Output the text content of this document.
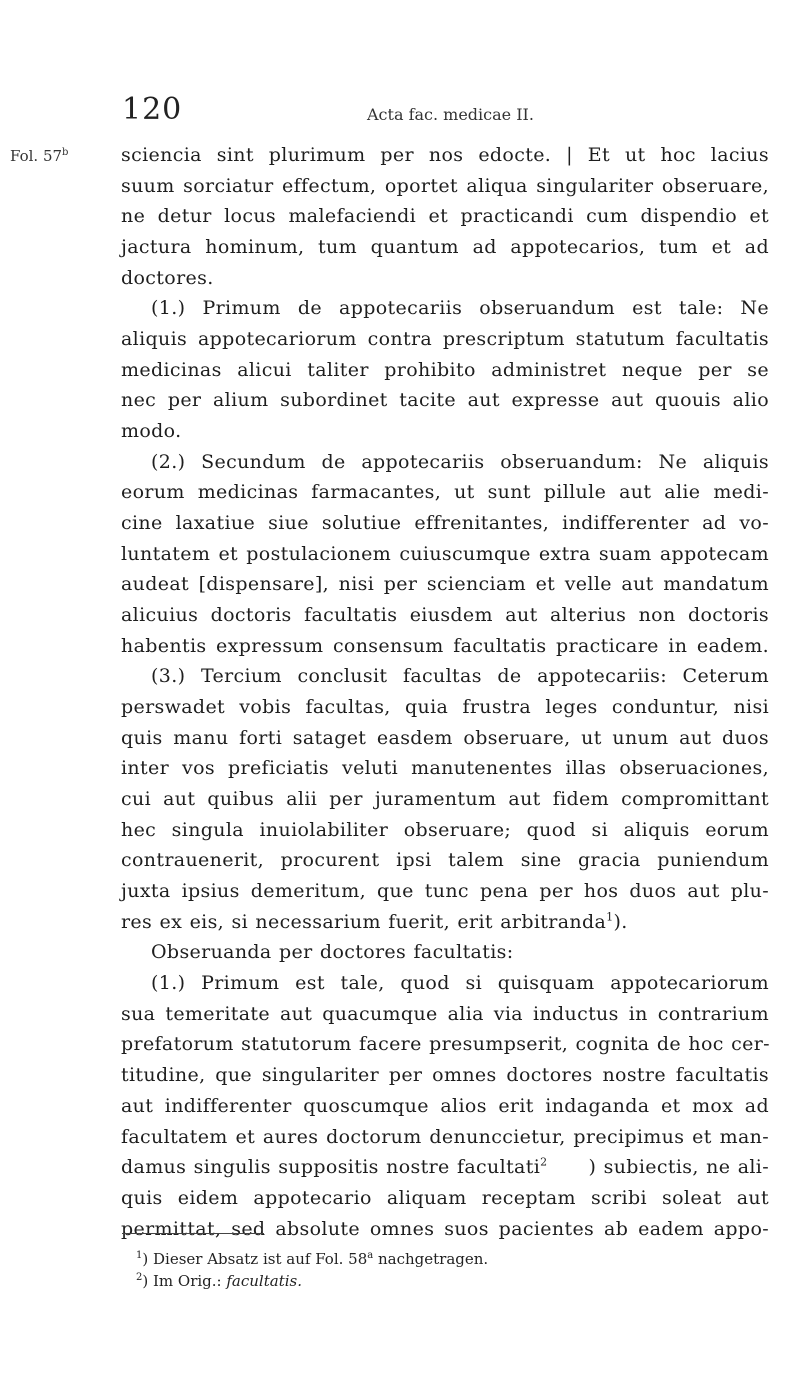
120	Acta fac. medicae II.
Fol. 57$^b$	sciencia sint plurimum per nos edocte. | Et ut hoc lacius
suum sorciatur effectum, oportet aliqua singulariter obseruare,
ne detur locus malefaciendi et practicandi cum dispendio et
jactura hominum, tum quantum ad appotecarios, tum et ad
doctores.
(1.) Primum de appotecariis obseruandum est tale: Ne
aliquis appotecariorum contra prescriptum statutum facultatis
medicinas alicui taliter prohibito administret neque per se
nec per alium subordinet tacite aut expresse aut quouis alio
modo.
(2.) Secundum de appotecariis obseruandum: Ne aliquis
eorum medicinas farmacantes, ut sunt pillule aut alie medi-
cine laxatiue siue solutiue effrenitantes, indifferenter ad vo-
luntatem et postulacionem cuiuscumque extra suam appotecam
audeat [dispensare], nisi per scienciam et velle aut mandatum
alicuius doctoris facultatis eiusdem aut alterius non doctoris
habentis expressum consensum facultatis practicare in eadem.
(3.) Tercium conclusit facultas de appotecariis: Ceterum
perswadet vobis facultas, quia frustra leges conduntur, nisi
quis manu forti sataget easdem obseruare, ut unum aut duos
inter vos preficiatis veluti manutenentes illas obseruaciones,
cui aut quibus alii per juramentum aut fidem compromittant
hec singula inuiolabiliter obseruare; quod si aliquis eorum
contrauenerit, procurent ipsi talem sine gracia puniendum
juxta ipsius demeritum, que tunc pena per hos duos aut plu-
res ex eis, si necessarium fuerit, erit arbitranda$^1$).
Obseruanda per doctores facultatis:
(1.) Primum est tale, quod si quisquam appotecariorum
sua temeritate aut quacumque alia via inductus in contrarium
prefatorum statutorum facere presumpserit, cognita de hoc cer-
titudine, que singulariter per omnes doctores nostre facultatis
aut indifferenter quoscumque alios erit indaganda et mox ad
facultatem et aures doctorum denunccietur, precipimus et man-
damus singulis suppositis nostre facultati$^2$ ) subiectis, ne ali-
quis eidem appotecario aliquam receptam scribi soleat aut
permittat, sed absolute omnes suos pacientes ab eadem appo-
$^1$) Dieser Absatz ist auf Fol. 58$^a$ nachgetragen.
$^2$) Im Orig.: facultatis.
